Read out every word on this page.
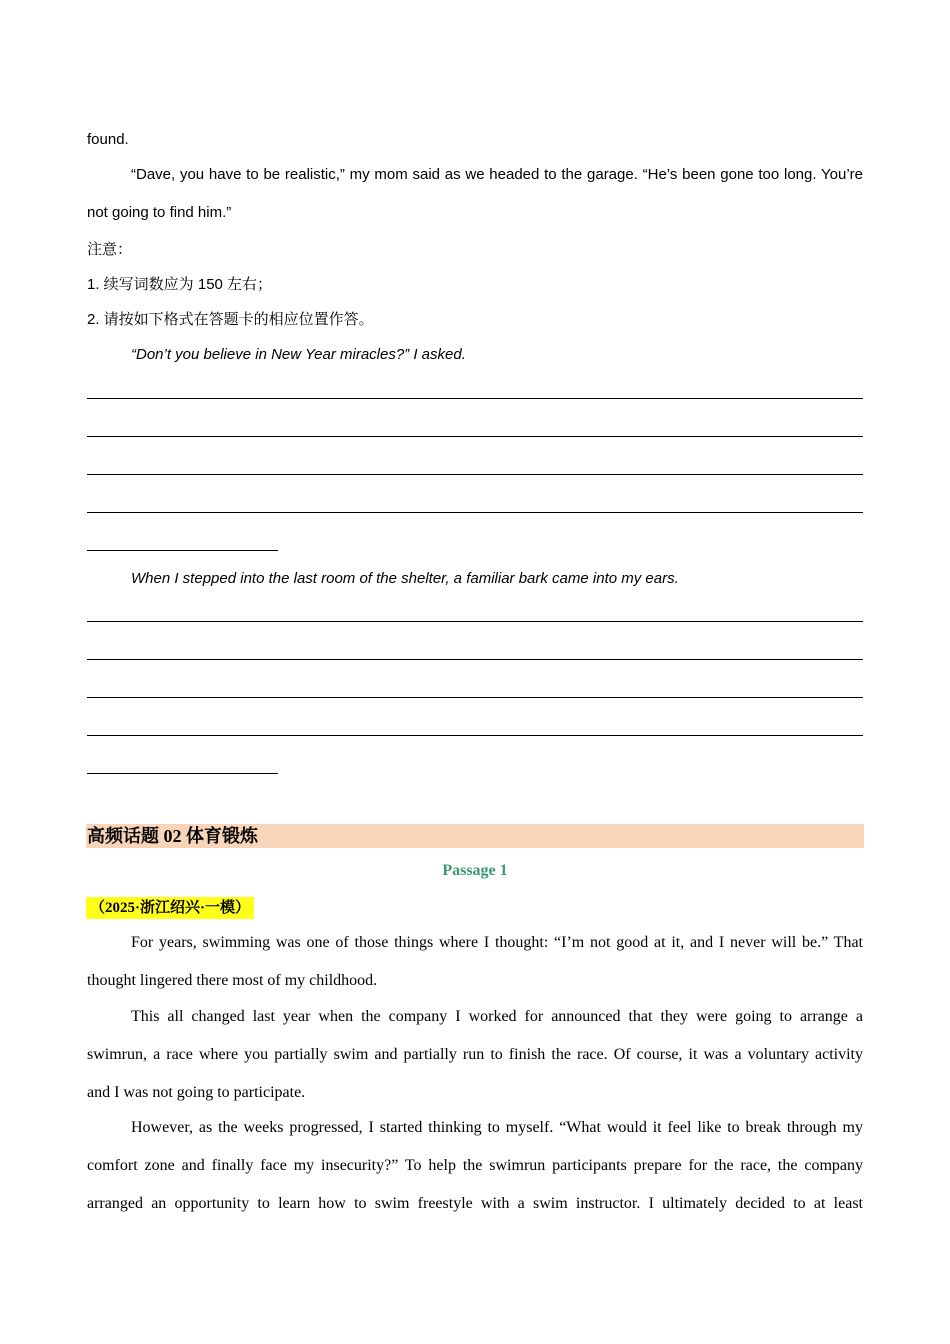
found.
“Dave, you have to be realistic,” my mom said as we headed to the garage. “He’s been gone too long. You’re
not going to find him.”
注意：
1. 续写词数应为 150 左右；
2. 请按如下格式在答题卡的相应位置作答。
“Don’t you believe in New Year miracles?” I asked.
When I stepped into the last room of the shelter, a familiar bark came into my ears.
高频话题 02 体育锻炼
Passage 1
（2025·浙江绍兴·一模）
For years, swimming was one of those things where I thought: “I’m not good at it, and I never will be.” That
thought lingered there most of my childhood.
This all changed last year when the company I worked for announced that they were going to arrange a
swimrun, a race where you partially swim and partially run to finish the race. Of course, it was a voluntary activity
and I was not going to participate.
However, as the weeks progressed, I started thinking to myself. “What would it feel like to break through my
comfort zone and finally face my insecurity?” To help the swimrun participants prepare for the race, the company
arranged an opportunity to learn how to swim freestyle with a swim instructor. I ultimately decided to at least
